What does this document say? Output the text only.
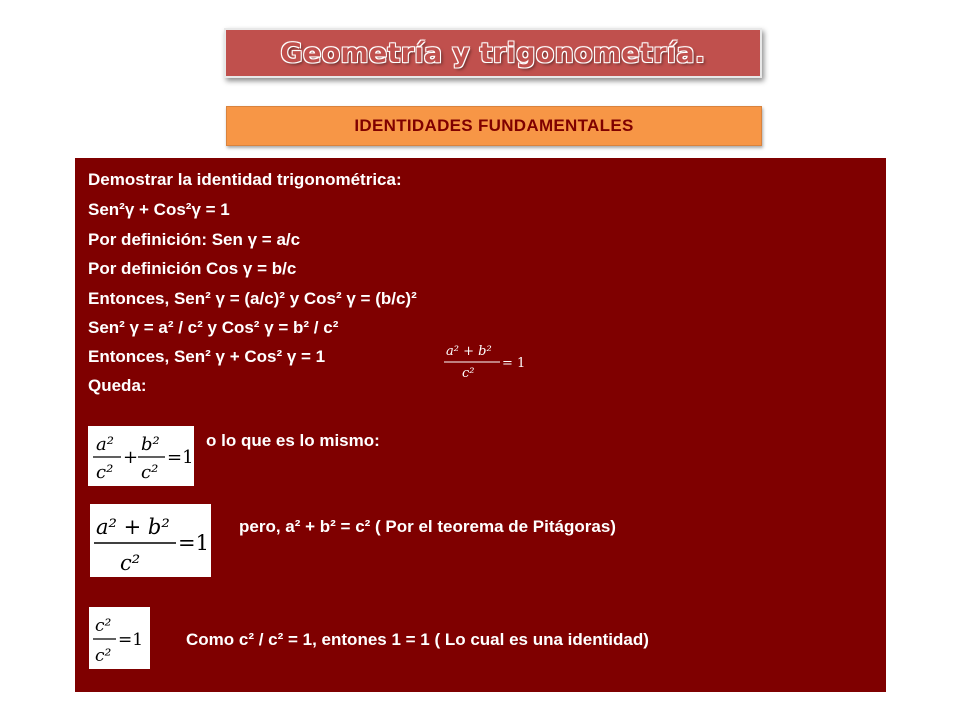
Geometría y trigonometría.
IDENTIDADES FUNDAMENTALES
Demostrar la identidad trigonométrica:
Sen²γ + Cos²γ = 1
Por definición: Sen γ = a/c
Por definición Cos γ = b/c
Entonces, Sen² γ = (a/c)² y Cos² γ = (b/c)²
Sen² γ = a² / c² y Cos² γ = b² / c²
Entonces, Sen² γ + Cos² γ = 1
Queda:
a² + b²
c²
= 1
a²
c²
+
b²
c²
=1
o lo que es lo mismo:
a² + b²
c²
=1
pero, a² + b² = c² ( Por el teorema de Pitágoras)
c²
c²
=1	Como c² / c² = 1, entones 1 = 1 ( Lo cual es una identidad)
